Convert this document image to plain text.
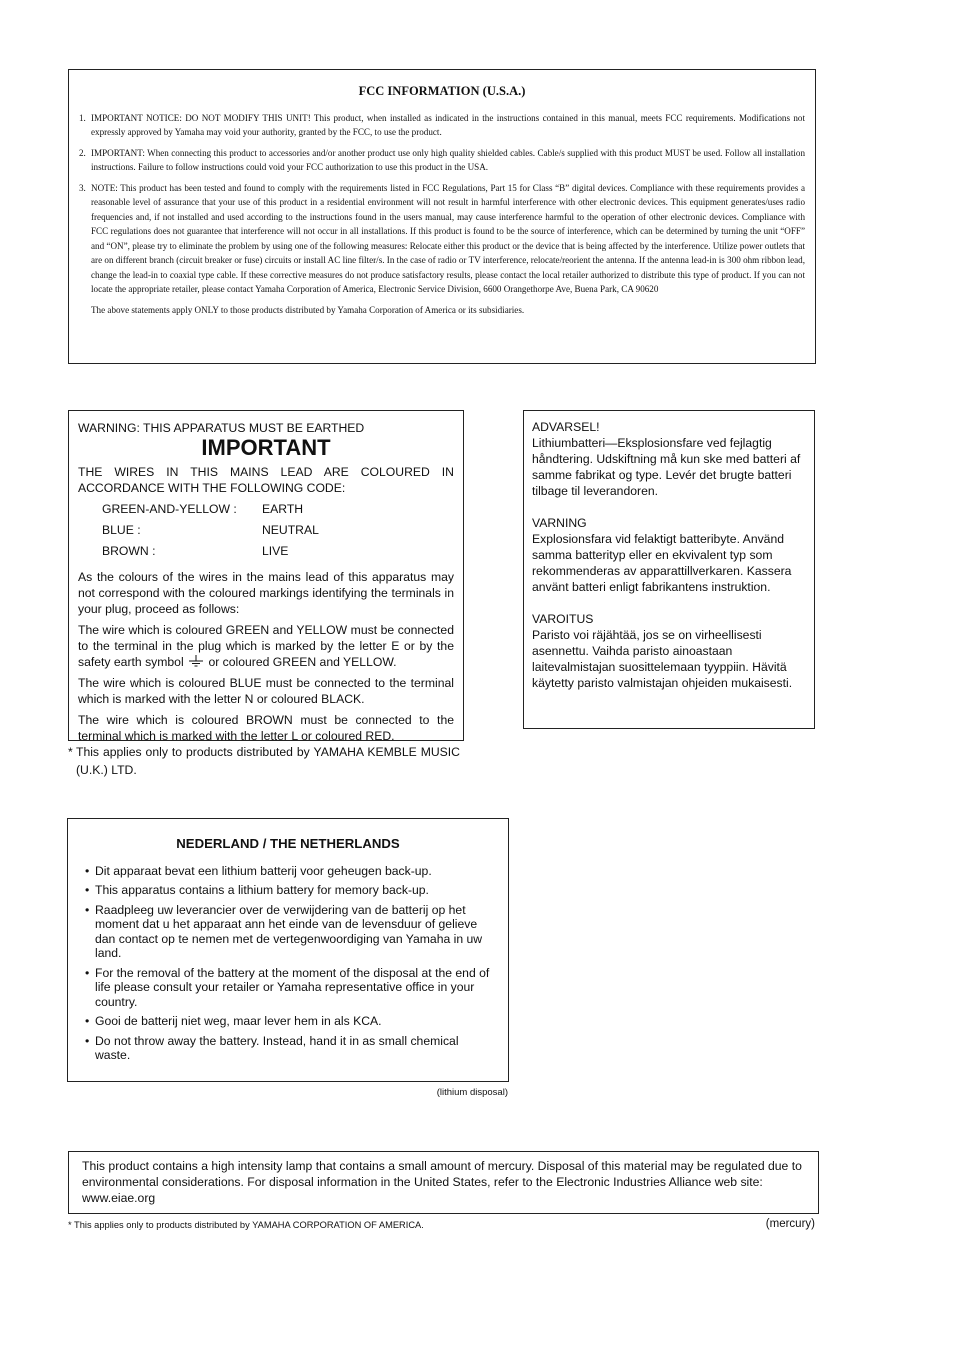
FCC INFORMATION (U.S.A.)
1. IMPORTANT NOTICE: DO NOT MODIFY THIS UNIT! This product, when installed as indicated in the instructions contained in this manual, meets FCC requirements. Modifications not expressly approved by Yamaha may void your authority, granted by the FCC, to use the product.
2. IMPORTANT: When connecting this product to accessories and/or another product use only high quality shielded cables. Cable/s supplied with this product MUST be used. Follow all installation instructions. Failure to follow instructions could void your FCC authorization to use this product in the USA.
3. NOTE: This product has been tested and found to comply with the requirements listed in FCC Regulations, Part 15 for Class “B” digital devices. Compliance with these requirements provides a reasonable level of assurance that your use of this product in a residential environment will not result in harmful interference with other electronic devices. This equipment generates/uses radio frequencies and, if not installed and used according to the instructions found in the users manual, may cause interference harmful to the operation of other electronic devices. Compliance with FCC regulations does not guarantee that interference will not occur in all installations. If this product is found to be the source of interference, which can be determined by turning the unit “OFF” and “ON”, please try to eliminate the problem by using one of the following measures: Relocate either this product or the device that is being affected by the interference. Utilize power outlets that are on different branch (circuit breaker or fuse) circuits or install AC line filter/s. In the case of radio or TV interference, relocate/reorient the antenna. If the antenna lead-in is 300 ohm ribbon lead, change the lead-in to coaxial type cable. If these corrective measures do not produce satisfactory results, please contact the local retailer authorized to distribute this type of product. If you can not locate the appropriate retailer, please contact Yamaha Corporation of America, Electronic Service Division, 6600 Orangethorpe Ave, Buena Park, CA 90620

The above statements apply ONLY to those products distributed by Yamaha Corporation of America or its subsidiaries.

WARNING: THIS APPARATUS MUST BE EARTHED

IMPORTANT

THE WIRES IN THIS MAINS LEAD ARE COLOURED IN ACCORDANCE WITH THE FOLLOWING CODE:

GREEN-AND-YELLOW :	EARTH
BLUE :	NEUTRAL
BROWN :	LIVE

As the colours of the wires in the mains lead of this apparatus may not correspond with the coloured markings identifying the terminals in your plug, proceed as follows:

The wire which is coloured GREEN and YELLOW must be connected to the terminal in the plug which is marked by the letter E or by the safety earth symbol or coloured GREEN and YELLOW.

The wire which is coloured BLUE must be connected to the terminal which is marked with the letter N or coloured BLACK.

The wire which is coloured BROWN must be connected to the terminal which is marked with the letter L or coloured RED.

* This applies only to products distributed by YAMAHA KEMBLE MUSIC (U.K.) LTD.
ADVARSEL!
Lithiumbatteri—Eksplosionsfare ved fejlagtig håndtering. Udskiftning må kun ske med batteri af samme fabrikat og type. Levér det brugte batteri tilbage til leverandoren.
VARNING
Explosionsfara vid felaktigt batteribyte. Använd samma batterityp eller en ekvivalent typ som rekommenderas av apparattillverkaren. Kassera använt batteri enligt fabrikantens instruktion.
VAROITUS
Paristo voi räjähtää, jos se on virheellisesti asennettu. Vaihda paristo ainoastaan laitevalmistajan suosittelemaan tyyppiin. Hävitä käytetty paristo valmistajan ohjeiden mukaisesti.
NEDERLAND / THE NETHERLANDS
• Dit apparaat bevat een lithium batterij voor geheugen back-up.
• This apparatus contains a lithium battery for memory back-up.
• Raadpleeg uw leverancier over de verwijdering van de batterij op het moment dat u het apparaat ann het einde van de levensduur of gelieve dan contact op te nemen met de vertegenwoordiging van Yamaha in uw land.
• For the removal of the battery at the moment of the disposal at the end of life please consult your retailer or Yamaha representative office in your country.
• Gooi de batterij niet weg, maar lever hem in als KCA.
• Do not throw away the battery. Instead, hand it in as small chemical waste.
(lithium disposal)
This product contains a high intensity lamp that contains a small amount of mercury. Disposal of this material may be regulated due to environmental considerations. For disposal information in the United States, refer to the Electronic Industries Alliance web site: www.eiae.org
* This applies only to products distributed by YAMAHA CORPORATION OF AMERICA.	(mercury)
